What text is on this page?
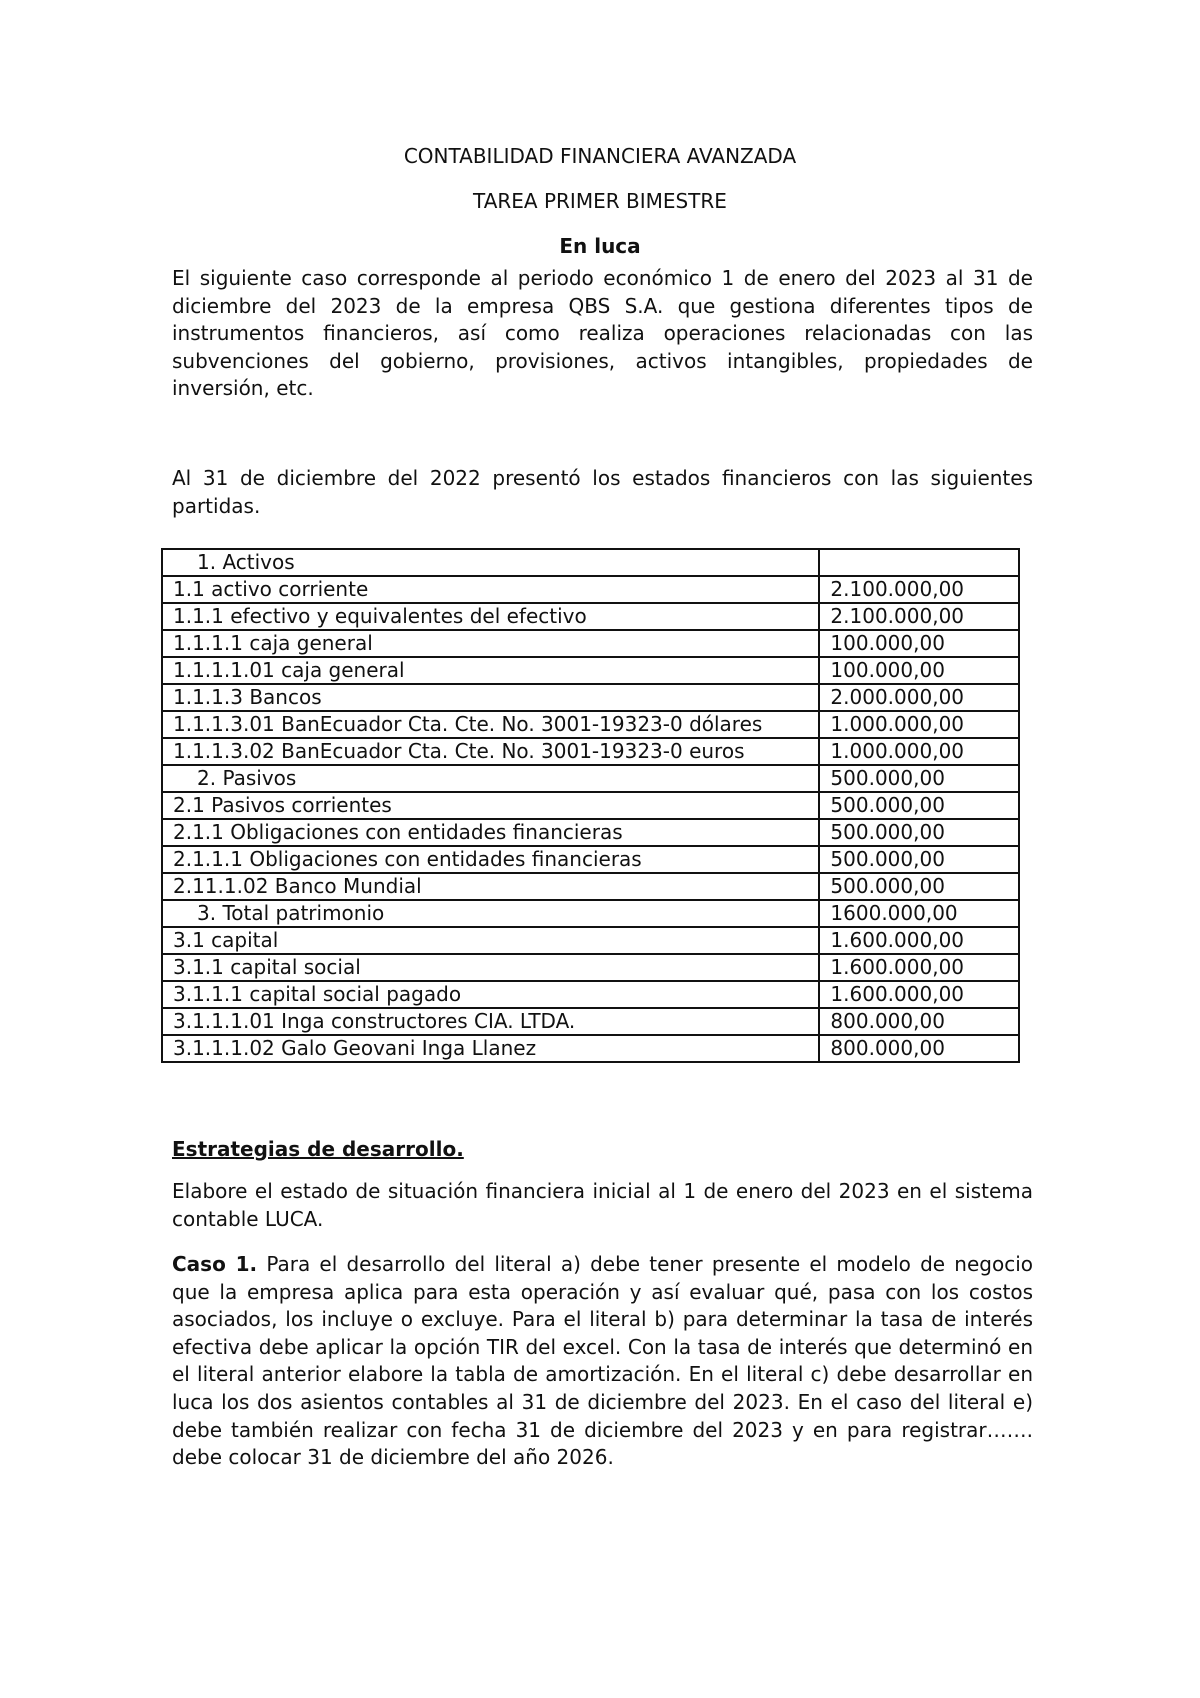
CONTABILIDAD FINANCIERA AVANZADA
TAREA PRIMER BIMESTRE
En luca

El siguiente caso corresponde al periodo económico 1 de enero del 2023 al 31 de diciembre del 2023 de la empresa QBS S.A. que gestiona diferentes tipos de instrumentos financieros, así como realiza operaciones relacionadas con las subvenciones del gobierno, provisiones, activos intangibles, propiedades de inversión, etc.

Al 31 de diciembre del 2022 presentó los estados financieros con las siguientes partidas.

1. Activos	
1.1 activo corriente	2.100.000,00
1.1.1 efectivo y equivalentes del efectivo	2.100.000,00
1.1.1.1 caja general	100.000,00
1.1.1.1.01 caja general	100.000,00
1.1.1.3 Bancos	2.000.000,00
1.1.1.3.01 BanEcuador Cta. Cte. No. 3001-19323-0 dólares	1.000.000,00
1.1.1.3.02 BanEcuador Cta. Cte. No. 3001-19323-0 euros	1.000.000,00
2. Pasivos	500.000,00
2.1 Pasivos corrientes	500.000,00
2.1.1 Obligaciones con entidades financieras	500.000,00
2.1.1.1 Obligaciones con entidades financieras	500.000,00
2.11.1.02 Banco Mundial	500.000,00
3. Total patrimonio	1600.000,00
3.1 capital	1.600.000,00
3.1.1 capital social	1.600.000,00
3.1.1.1 capital social pagado	1.600.000,00
3.1.1.1.01 Inga constructores CIA. LTDA.	800.000,00
3.1.1.1.02 Galo Geovani Inga Llanez	800.000,00
Estrategias de desarrollo.

Elabore el estado de situación financiera inicial al 1 de enero del 2023 en el sistema contable LUCA.

Caso 1. Para el desarrollo del literal a) debe tener presente el modelo de negocio que la empresa aplica para esta operación y así evaluar qué, pasa con los costos asociados, los incluye o excluye. Para el literal b) para determinar la tasa de interés efectiva debe aplicar la opción TIR del excel. Con la tasa de interés que determinó en el literal anterior elabore la tabla de amortización. En el literal c) debe desarrollar en luca los dos asientos contables al 31 de diciembre del 2023. En el caso del literal e) debe también realizar con fecha 31 de diciembre del 2023 y en para registrar……. debe colocar 31 de diciembre del año 2026.
